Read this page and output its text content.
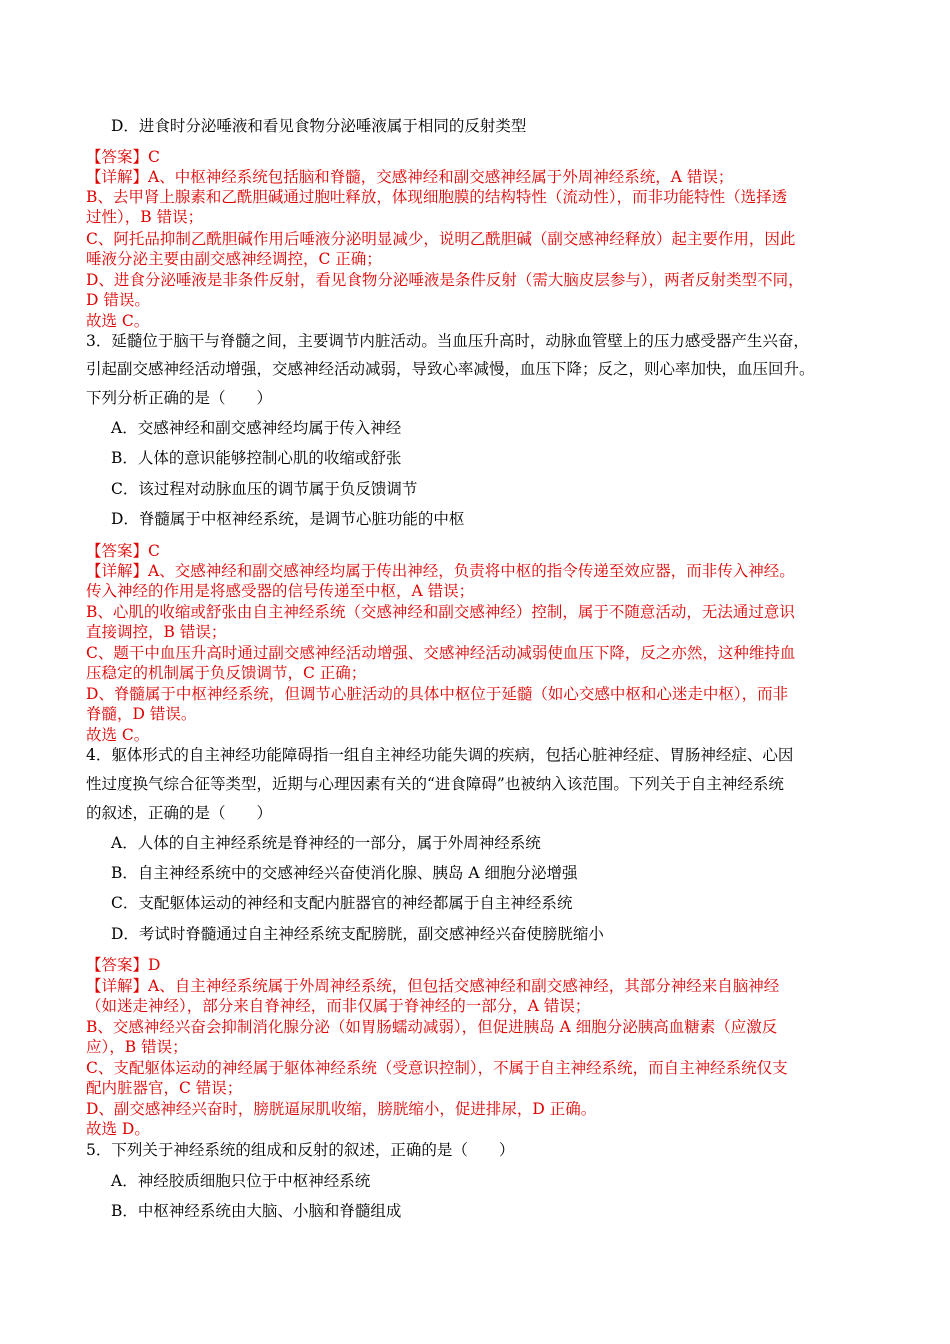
D．进食时分泌唾液和看见食物分泌唾液属于相同的反射类型
【答案】C
【详解】A、中枢神经系统包括脑和脊髓，交感神经和副交感神经属于外周神经系统，A 错误；
B、去甲肾上腺素和乙酰胆碱通过胞吐释放，体现细胞膜的结构特性（流动性），而非功能特性（选择透
过性），B 错误；
C、阿托品抑制乙酰胆碱作用后唾液分泌明显减少，说明乙酰胆碱（副交感神经释放）起主要作用，因此
唾液分泌主要由副交感神经调控，C 正确；
D、进食分泌唾液是非条件反射，看见食物分泌唾液是条件反射（需大脑皮层参与），两者反射类型不同，
D 错误。
故选 C。
3．延髓位于脑干与脊髓之间，主要调节内脏活动。当血压升高时，动脉血管壁上的压力感受器产生兴奋，
引起副交感神经活动增强，交感神经活动减弱，导致心率减慢，血压下降；反之，则心率加快，血压回升。
下列分析正确的是（　　）
A．交感神经和副交感神经均属于传入神经
B．人体的意识能够控制心肌的收缩或舒张
C．该过程对动脉血压的调节属于负反馈调节
D．脊髓属于中枢神经系统，是调节心脏功能的中枢
【答案】C
【详解】A、交感神经和副交感神经均属于传出神经，负责将中枢的指令传递至效应器，而非传入神经。
传入神经的作用是将感受器的信号传递至中枢，A 错误；
B、心肌的收缩或舒张由自主神经系统（交感神经和副交感神经）控制，属于不随意活动，无法通过意识
直接调控，B 错误；
C、题干中血压升高时通过副交感神经活动增强、交感神经活动减弱使血压下降，反之亦然，这种维持血
压稳定的机制属于负反馈调节，C 正确；
D、脊髓属于中枢神经系统，但调节心脏活动的具体中枢位于延髓（如心交感中枢和心迷走中枢），而非
脊髓，D 错误。
故选 C。
4．躯体形式的自主神经功能障碍指一组自主神经功能失调的疾病，包括心脏神经症、胃肠神经症、心因
性过度换气综合征等类型，近期与心理因素有关的“进食障碍”也被纳入该范围。下列关于自主神经系统
的叙述，正确的是（　　）
A．人体的自主神经系统是脊神经的一部分，属于外周神经系统
B．自主神经系统中的交感神经兴奋使消化腺、胰岛 A 细胞分泌增强
C．支配躯体运动的神经和支配内脏器官的神经都属于自主神经系统
D．考试时脊髓通过自主神经系统支配膀胱，副交感神经兴奋使膀胱缩小
【答案】D
【详解】A、自主神经系统属于外周神经系统，但包括交感神经和副交感神经，其部分神经来自脑神经
（如迷走神经），部分来自脊神经，而非仅属于脊神经的一部分，A 错误；
B、交感神经兴奋会抑制消化腺分泌（如胃肠蠕动减弱），但促进胰岛 A 细胞分泌胰高血糖素（应激反
应），B 错误；
C、支配躯体运动的神经属于躯体神经系统（受意识控制），不属于自主神经系统，而自主神经系统仅支
配内脏器官，C 错误；
D、副交感神经兴奋时，膀胱逼尿肌收缩，膀胱缩小，促进排尿，D 正确。
故选 D。
5．下列关于神经系统的组成和反射的叙述，正确的是（　　）
A．神经胶质细胞只位于中枢神经系统
B．中枢神经系统由大脑、小脑和脊髓组成
